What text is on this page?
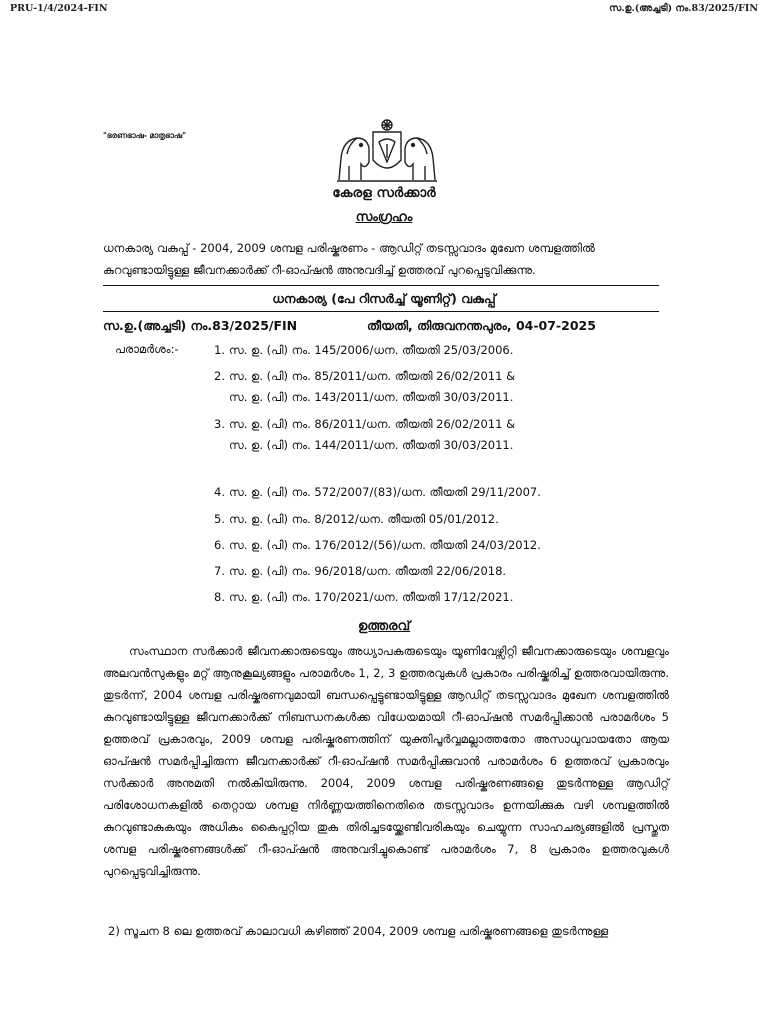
PRU-1/4/2024-FIN	സ.ഉ.(അച്ചടി) നം.83/2025/FIN
"ഭരണഭാഷ- മാതൃഭാഷ"
കേരള സർക്കാർ
സംഗ്രഹം
ധനകാര്യ വകുപ്പ് - 2004, 2009 ശമ്പള പരിഷ്കരണം - ആഡിറ്റ് തടസ്സവാദം മുഖേന ശമ്പളത്തിൽ
കുറവുണ്ടായിട്ടുള്ള ജീവനക്കാർക്ക് റീ-ഓപ്ഷൻ അനുവദിച്ച് ഉത്തരവ് പുറപ്പെടുവിക്കുന്നു.
ധനകാര്യ (പേ റിസർച്ച് യൂണിറ്റ്) വകുപ്പ്
സ.ഉ.(അച്ചടി) നം.83/2025/FIN	തീയതി, തിരുവനന്തപുരം, 04-07-2025
പരാമർശം:-	1. സ. ഉ. (പി) നം. 145/2006/ധന. തീയതി 25/03/2006.
2. സ. ഉ. (പി) നം. 85/2011/ധന. തീയതി 26/02/2011 &
സ. ഉ. (പി) നം. 143/2011/ധന. തീയതി 30/03/2011.
3. സ. ഉ. (പി) നം. 86/2011/ധന. തീയതി 26/02/2011 &
സ. ഉ. (പി) നം. 144/2011/ധന. തീയതി 30/03/2011.
4. സ. ഉ. (പി) നം. 572/2007/(83)/ധന. തീയതി 29/11/2007.
5. സ. ഉ. (പി) നം. 8/2012/ധന. തീയതി 05/01/2012.
6. സ. ഉ. (പി) നം. 176/2012/(56)/ധന. തീയതി 24/03/2012.
7. സ. ഉ. (പി) നം. 96/2018/ധന. തീയതി 22/06/2018.
8. സ. ഉ. (പി) നം. 170/2021/ധന. തീയതി 17/12/2021.
ഉത്തരവ്
സംസ്ഥാന സർക്കാർ ജീവനക്കാരുടെയും അധ്യാപകരുടെയും യൂണിവേഴ്സിറ്റി ജീവനക്കാരുടെയും ശമ്പളവും അലവൻസുകളും മറ്റ് ആനുകൂല്യങ്ങളും പരാമർശം 1, 2, 3 ഉത്തരവുകൾ പ്രകാരം പരിഷ്കരിച്ച് ഉത്തരവായിരുന്നു. തുടർന്ന്, 2004 ശമ്പള പരിഷ്കരണവുമായി ബന്ധപ്പെട്ടുണ്ടായിട്ടുള്ള ആഡിറ്റ് തടസ്സവാദം മുഖേന ശമ്പളത്തിൽ കുറവുണ്ടായിട്ടുള്ള ജീവനക്കാർക്ക് നിബന്ധനകൾക്ക വിധേയമായി റീ-ഓപ്ഷൻ സമർപ്പിക്കാൻ പരാമർശം 5 ഉത്തരവ് പ്രകാരവും, 2009 ശമ്പള പരിഷ്കരണത്തിന് യുക്തിപൂർവ്വമല്ലാത്തതോ അസാധുവായതോ ആയ ഓപ്ഷൻ സമർപ്പിച്ചിരുന്ന ജീവനക്കാർക്ക് റീ-ഓപ്ഷൻ സമർപ്പിക്കുവാൻ പരാമർശം 6 ഉത്തരവ് പ്രകാരവും സർക്കാർ അനുമതി നൽകിയിരുന്നു. 2004, 2009 ശമ്പള പരിഷ്കരണങ്ങളെ തുടർന്നുള്ള ആഡിറ്റ് പരിശോധനകളിൽ തെറ്റായ ശമ്പള നിർണ്ണയത്തിനെതിരെ തടസ്സവാദം ഉന്നയിക്കുക വഴി ശമ്പളത്തിൽ കുറവുണ്ടാകുകയും അധികം കൈപ്പറ്റിയ തുക തിരിച്ചടയ്ക്കേണ്ടിവരികയും ചെയ്യുന്ന സാഹചര്യങ്ങളിൽ പ്രസ്തുത ശമ്പള പരിഷ്കരണങ്ങൾക്ക് റീ-ഓപ്ഷൻ അനുവദിച്ചുകൊണ്ട് പരാമർശം 7, 8 പ്രകാരം ഉത്തരവുകൾ പുറപ്പെടുവിച്ചിരുന്നു.
2) സൂചന 8 ലെ ഉത്തരവ് കാലാവധി കഴിഞ്ഞ് 2004, 2009 ശമ്പള പരിഷ്കരണങ്ങളെ തുടർന്നുള്ള
